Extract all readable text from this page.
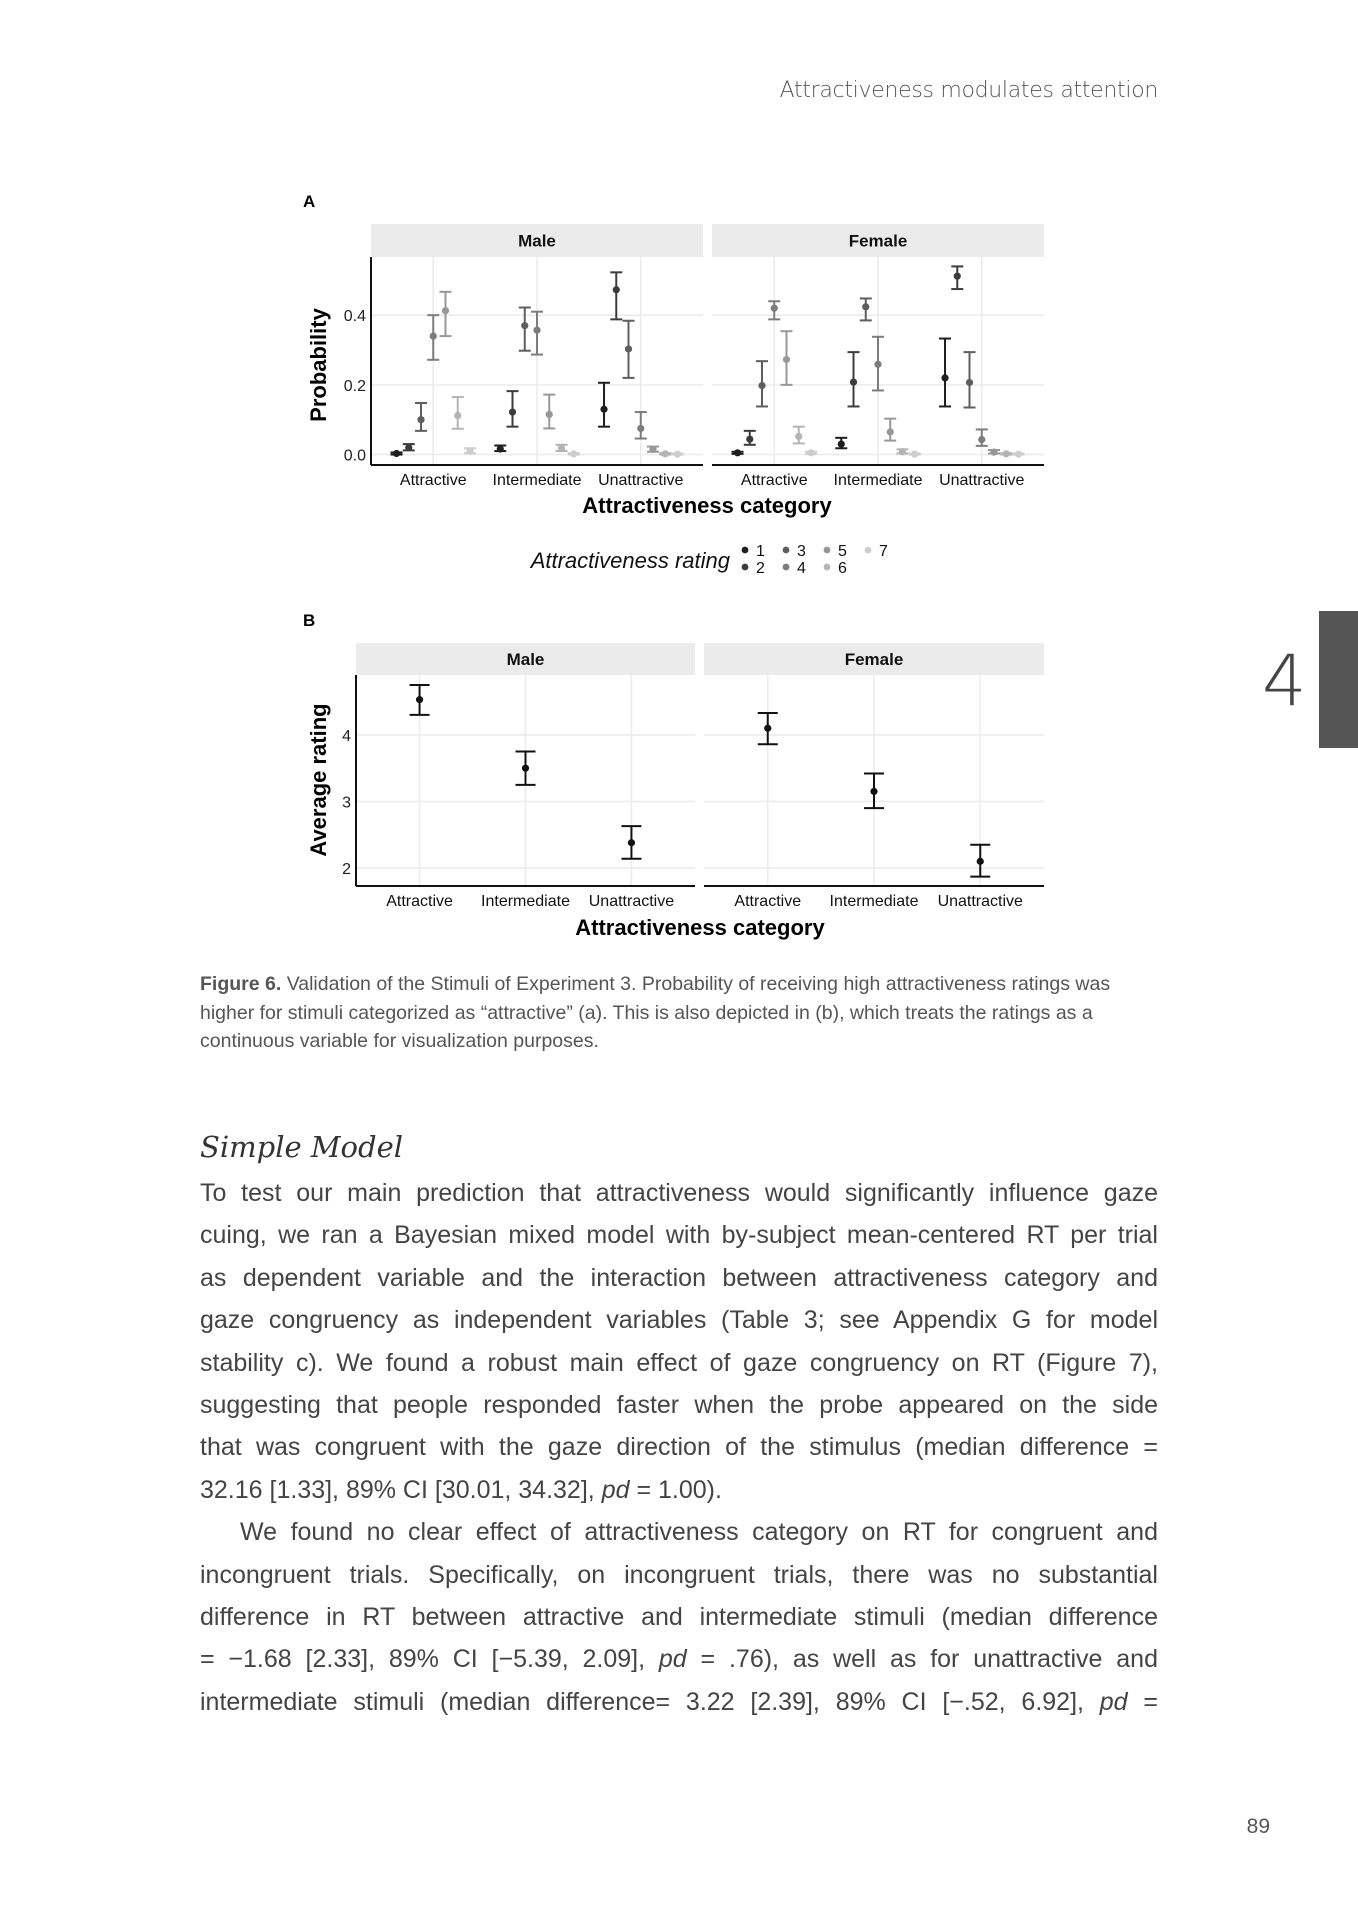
Attractiveness modulates attention
4
A
B
Male
Attractive Intermediate Unattractive
0.0
0.2
0.4
Female
Attractive Intermediate Unattractive
Attractiveness category
Probability
Attractiveness rating 1
2
3
4
5
6
7
Male
Attractive Intermediate Unattractive
2
3
4
Female
Attractive Intermediate Unattractive
Attractiveness category
Average rating
Figure 6. Validation of the Stimuli of Experiment 3. Probability of receiving high attractiveness ratings was
higher for stimuli categorized as “attractive” (a). This is also depicted in (b), which treats the ratings as a
continuous variable for visualization purposes.
Simple Model
To test our main prediction that attractiveness would significantly influence gaze
cuing, we ran a Bayesian mixed model with by-subject mean-centered RT per trial
as dependent variable and the interaction between attractiveness category and
gaze congruency as independent variables (Table 3; see Appendix G for model
stability c). We found a robust main effect of gaze congruency on RT (Figure 7),
suggesting that people responded faster when the probe appeared on the side
that was congruent with the gaze direction of the stimulus (median difference =
32.16 [1.33], 89% CI [30.01, 34.32], pd = 1.00).
We found no clear effect of attractiveness category on RT for congruent and
incongruent trials. Specifically, on incongruent trials, there was no substantial
difference in RT between attractive and intermediate stimuli (median difference
= −1.68 [2.33], 89% CI [−5.39, 2.09], pd = .76), as well as for unattractive and
intermediate stimuli (median difference= 3.22 [2.39], 89% CI [−.52, 6.92], pd =
89
